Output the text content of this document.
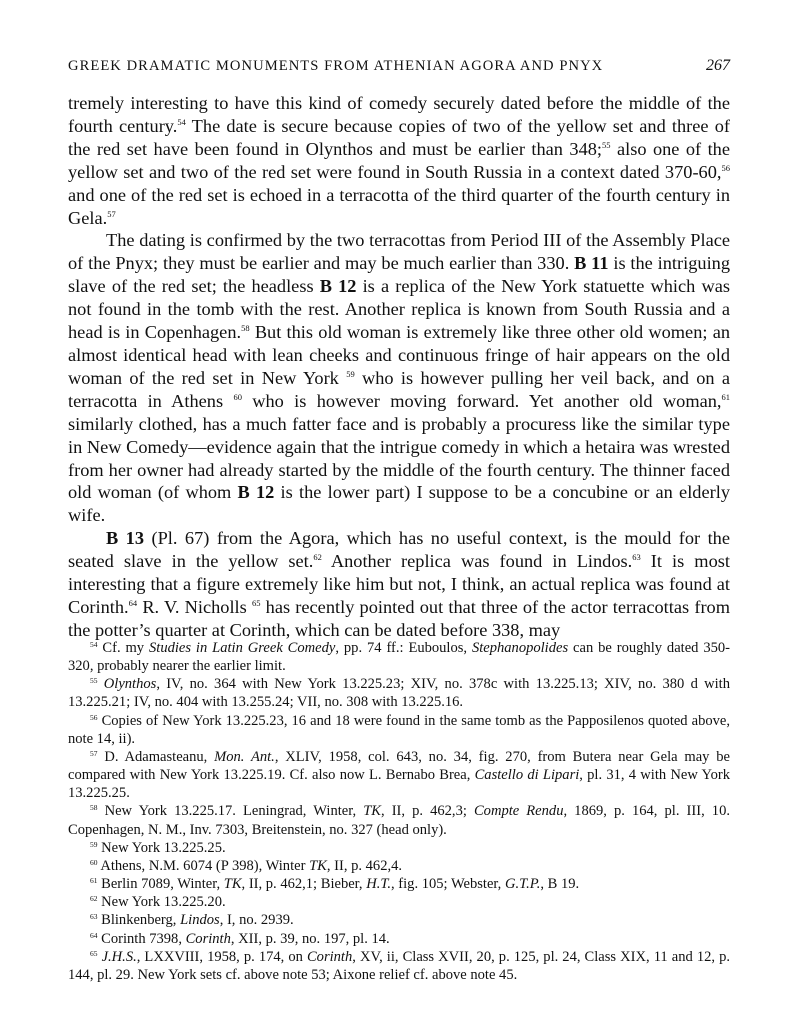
GREEK DRAMATIC MONUMENTS FROM ATHENIAN AGORA AND PNYX	267

tremely interesting to have this kind of comedy securely dated before the middle of the fourth century.$^{54}$ The date is secure because copies of two of the yellow set and three of the red set have been found in Olynthos and must be earlier than 348;$^{55}$ also one of the yellow set and two of the red set were found in South Russia in a context dated 370-60,56 and one of the red set is echoed in a terracotta of the third quarter of the fourth century in Gela.$^{57}$

The dating is confirmed by the two terracottas from Period III of the Assembly Place of the Pnyx; they must be earlier and may be much earlier than 330. B 11 is the intriguing slave of the red set; the headless B 12 is a replica of the New York statuette which was not found in the tomb with the rest. Another replica is known from South Russia and a head is in Copenhagen.$^{58}$ But this old woman is extremely like three other old women; an almost identical head with lean cheeks and continuous fringe of hair appears on the old woman of the red set in New York $^{59}$ who is however pulling her veil back, and on a terracotta in Athens $^{60}$ who is however moving forward. Yet another old woman,$^{61}$ similarly clothed, has a much fatter face and is probably a procuress like the similar type in New Comedy—evidence again that the intrigue comedy in which a hetaira was wrested from her owner had already started by the middle of the fourth century. The thinner faced old woman (of whom B 12 is the lower part) I suppose to be a concubine or an elderly wife.

B 13 (Pl. 67) from the Agora, which has no useful context, is the mould for the seated slave in the yellow set.$^{62}$ Another replica was found in Lindos.$^{63}$ It is most interesting that a figure extremely like him but not, I think, an actual replica was found at Corinth.$^{64}$ R. V. Nicholls $^{65}$ has recently pointed out that three of the actor terracottas from the potter’s quarter at Corinth, which can be dated before 338, may

$^{54}$ Cf. my Studies in Latin Greek Comedy, pp. 74 ff.: Euboulos, Stephanopolides can be roughly dated 350-320, probably nearer the earlier limit.

$^{55}$ Olynthos, IV, no. 364 with New York 13.225.23; XIV, no. 378c with 13.225.13; XIV, no. 380 d with 13.225.21; IV, no. 404 with 13.255.24; VII, no. 308 with 13.225.16.

$^{56}$ Copies of New York 13.225.23, 16 and 18 were found in the same tomb as the Papposilenos quoted above, note 14, ii).

$^{57}$ D. Adamasteanu, Mon. Ant., XLIV, 1958, col. 643, no. 34, fig. 270, from Butera near Gela may be compared with New York 13.225.19. Cf. also now L. Bernabo Brea, Castello di Lipari, pl. 31, 4 with New York 13.225.25.

$^{58}$ New York 13.225.17. Leningrad, Winter, TK, II, p. 462,3; Compte Rendu, 1869, p. 164, pl. III, 10. Copenhagen, N. M., Inv. 7303, Breitenstein, no. 327 (head only).

$^{59}$ New York 13.225.25.

$^{60}$ Athens, N.M. 6074 (P 398), Winter TK, II, p. 462,4.

$^{61}$ Berlin 7089, Winter, TK, II, p. 462,1; Bieber, H.T., fig. 105; Webster, G.T.P., B 19.

$^{62}$ New York 13.225.20.

$^{63}$ Blinkenberg, Lindos, I, no. 2939.

$^{64}$ Corinth 7398, Corinth, XII, p. 39, no. 197, pl. 14.

$^{65}$ J.H.S., LXXVIII, 1958, p. 174, on Corinth, XV, ii, Class XVII, 20, p. 125, pl. 24, Class XIX, 11 and 12, p. 144, pl. 29. New York sets cf. above note 53; Aixone relief cf. above note 45.
